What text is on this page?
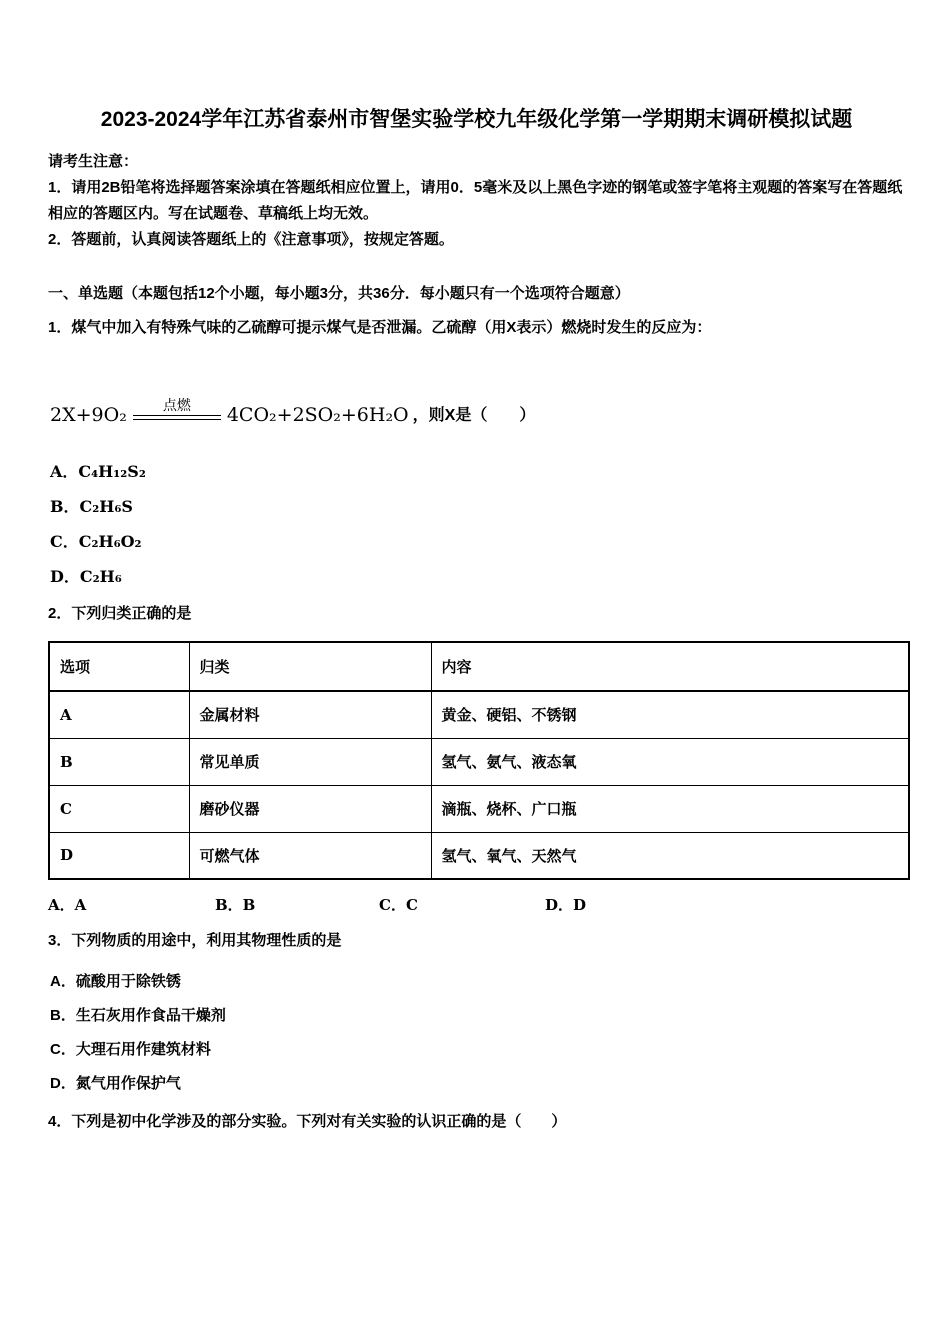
2023-2024学年江苏省泰州市智堡实验学校九年级化学第一学期期末调研模拟试题

请考生注意：

1．请用2B铅笔将选择题答案涂填在答题纸相应位置上，请用0．5毫米及以上黑色字迹的钢笔或签字笔将主观题的答案写在答题纸相应的答题区内。写在试题卷、草稿纸上均无效。

2．答题前，认真阅读答题纸上的《注意事项》，按规定答题。

一、单选题（本题包括12个小题，每小题3分，共36分．每小题只有一个选项符合题意）

1．煤气中加入有特殊气味的乙硫醇可提示煤气是否泄漏。乙硫醇（用X表示）燃烧时发生的反应为：

2X+9O₂	点燃 4CO₂+2SO₂+6H₂O ，则X是（　　）

A．C₄H₁₂S₂

B．C₂H₆S

C．C₂H₆O₂

D．C₂H₆

2．下列归类正确的是

选项	归类	内容
A	金属材料	黄金、硬铝、不锈钢
B	常见单质	氢气、氨气、液态氧
C	磨砂仪器	滴瓶、烧杯、广口瓶
D	可燃气体	氢气、氧气、天然气
A．A	B．B	C．C	D．D

3．下列物质的用途中，利用其物理性质的是

A．硫酸用于除铁锈

B．生石灰用作食品干燥剂

C．大理石用作建筑材料

D．氮气用作保护气

4．下列是初中化学涉及的部分实验。下列对有关实验的认识正确的是（　　）
